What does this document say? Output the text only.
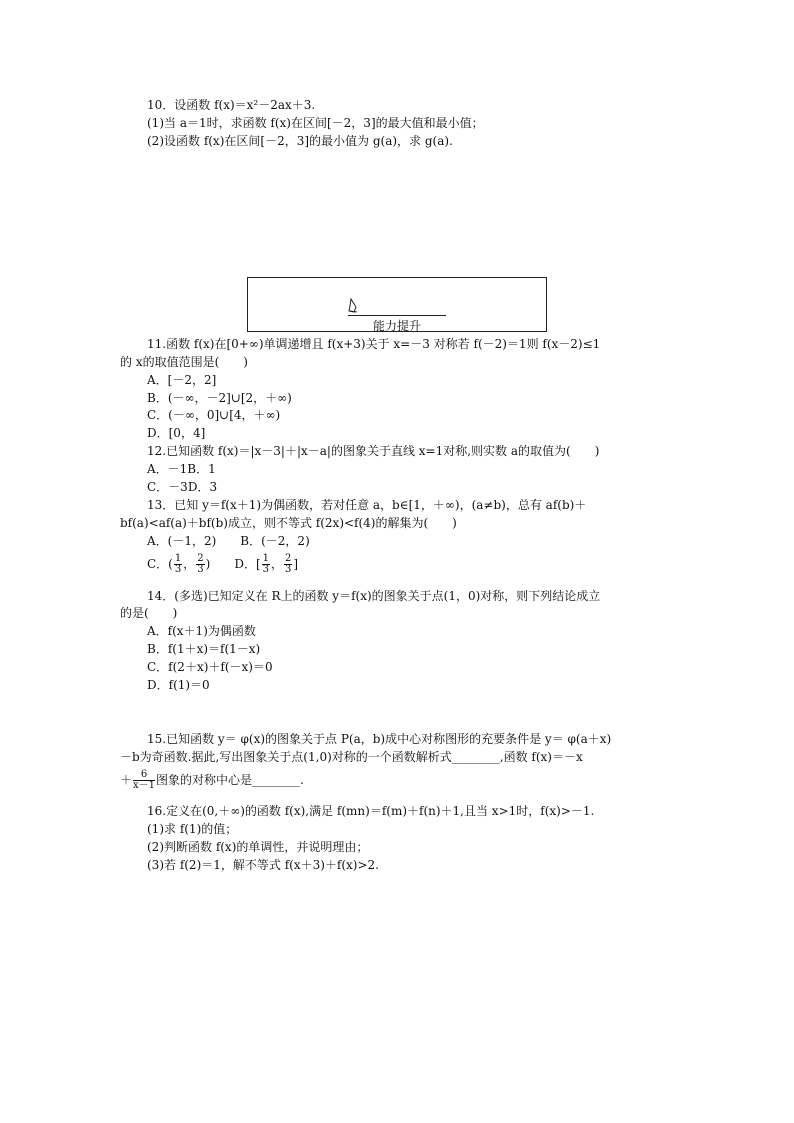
10．设函数 f(x)＝x²－2ax＋3.
(1)当 a＝1时，求函数 f(x)在区间[－2，3]的最大值和最小值；
(2)设函数 f(x)在区间[－2，3]的最小值为 g(a)，求 g(a).
能力提升
11.函数 f(x)在[0+∞)单调递增且 f(x+3)关于 x=－3 对称若 f(－2)＝1则 f(x－2)≤1
的 x的取值范围是(　　)
A．[－2，2]
B．(－∞，－2]∪[2，＋∞)
C．(－∞，0]∪[4，＋∞)
D．[0，4]
12.已知函数 f(x)＝|x－3|＋|x－a|的图象关于直线 x=1对称,则实数 a的取值为(　　)
A．－1B．1
C．－3D．3
13．已知 y＝f(x＋1)为偶函数，若对任意 a，b∈[1，＋∞)，(a≠b)，总有 af(b)＋
bf(a)<af(a)＋bf(b)成立，则不等式 f(2x)<f(4)的解集为(　　)
A．(－1，2)　　B．(－2，2)
C．( $\frac{1}{3}$ ， $\frac{2}{3}$ )　　D．[ $\frac{1}{3}$ ， $\frac{2}{3}$ ]
14．(多选)已知定义在 R上的函数 y＝f(x)的图象关于点(1，0)对称，则下列结论成立
的是(　　)
A．f(x＋1)为偶函数
B．f(1＋x)＝f(1－x)
C．f(2＋x)＋f(－x)＝0
D．f(1)＝0
15.已知函数 y＝ φ(x)的图象关于点 P(a，b)成中心对称图形的充要条件是 y＝ φ(a＋x)
－b为奇函数.据此,写出图象关于点(1,0)对称的一个函数解析式________,函数 f(x)＝－x
＋ $\frac{6}{x-1}$ 图象的对称中心是________.
16.定义在(0,＋∞)的函数 f(x),满足 f(mn)＝f(m)＋f(n)＋1,且当 x>1时，f(x)>－1.
(1)求 f(1)的值；
(2)判断函数 f(x)的单调性，并说明理由；
(3)若 f(2)＝1，解不等式 f(x＋3)＋f(x)>2.
